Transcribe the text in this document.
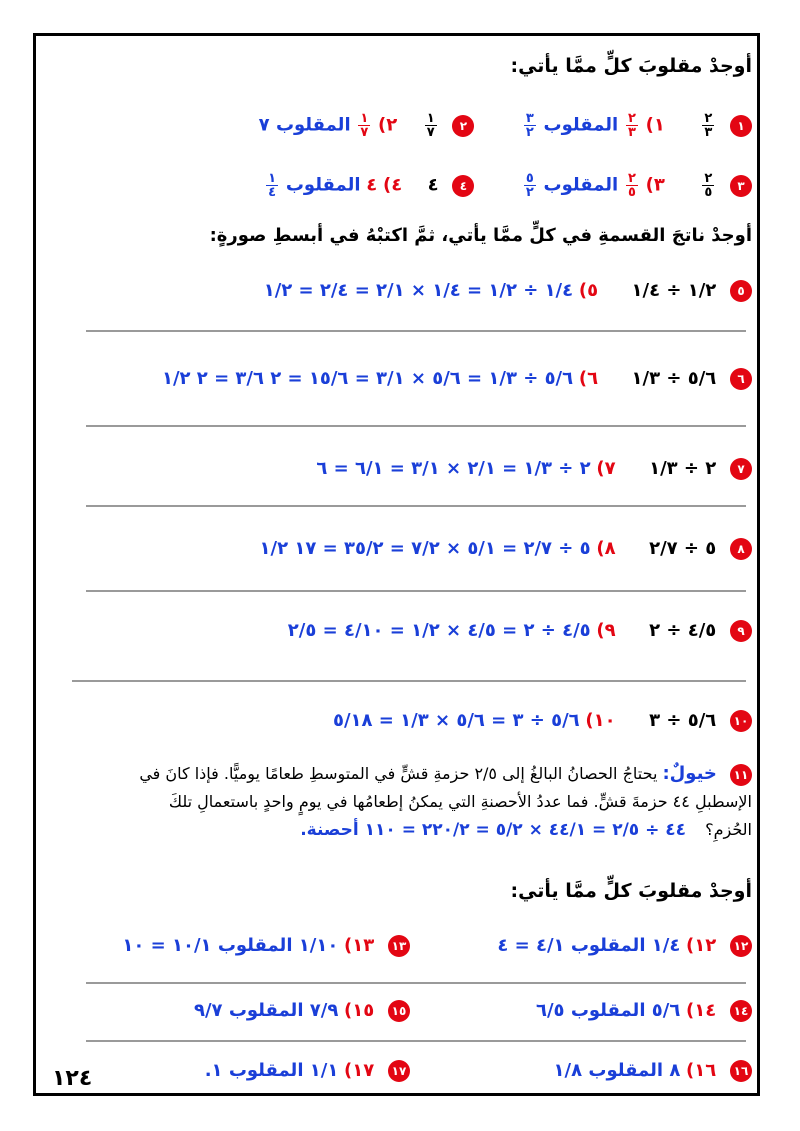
أوجدْ مقلوبَ كلٍّ ممَّا يأتي:
١
$\frac{٢}{٣}$
١)
$\frac{٢}{٣}$
المقلوب
$\frac{٣}{٢}$
٢
$\frac{١}{٧}$
٢)
$\frac{١}{٧}$
المقلوب ٧
٣
$\frac{٢}{٥}$
٣)
$\frac{٢}{٥}$
المقلوب
$\frac{٥}{٢}$
٤ ٤  ٤) ٤ المقلوب
$\frac{١}{٤}$
أوجدْ ناتجَ القسمةِ في كلٍّ ممَّا يأتي، ثمَّ اكتبْهُ في أبسطِ صورةٍ:
٥ ١/٢ ÷ ١/٤  ٥) ١/٤ ÷ ١/٢ = ١/٤ × ٢/١ = ٢/٤ = ١/٢
٦ ٥/٦ ÷ ١/٣  ٦) ٥/٦ ÷ ١/٣ = ٥/٦ × ٣/١ = ١٥/٦ = ٢ ٣/٦ = ٢ ١/٢
٧ ٢ ÷ ١/٣  ٧) ٢ ÷ ١/٣ = ٢/١ × ٣/١ = ٦/١ = ٦
٨ ٥ ÷ ٢/٧  ٨) ٥ ÷ ٢/٧ = ٥/١ × ٧/٢ = ٣٥/٢ = ١٧ ١/٢
٩ ٤/٥ ÷ ٢  ٩) ٤/٥ ÷ ٢ = ٤/٥ × ١/٢ = ٤/١٠ = ٢/٥
١٠ ٥/٦ ÷ ٣  ١٠) ٥/٦ ÷ ٣ = ٥/٦ × ١/٣ = ٥/١٨
١١ خيولٌ: يحتاجُ الحصانُ البالغُ إلى ٢/٥ حزمةِ قشٍّ في المتوسطِ طعامًا يوميًّا. فإذا كانَ في
الإسطبلِ ٤٤ حزمةَ قشٍّ. فما عددُ الأحصنةِ التي يمكنُ إطعامُها في يومٍ واحدٍ باستعمالِ تلكَ
الحُزمِ؟ ٤٤ ÷ ٢/٥ = ٤٤/١ × ٥/٢ = ٢٢٠/٢ = ١١٠ أحصنة.
أوجدْ مقلوبَ كلٍّ ممَّا يأتي:
١٢ ١٢) ١/٤ المقلوب ٤/١ = ٤
١٣ ١٣) ١/١٠ المقلوب ١٠/١ = ١٠
١٤ ١٤) ٥/٦ المقلوب ٦/٥
١٥ ١٥) ٧/٩ المقلوب ٩/٧
١٦ ١٦) ٨ المقلوب ١/٨
١٧ ١٧) ١/١ المقلوب ١.
١٢٤
